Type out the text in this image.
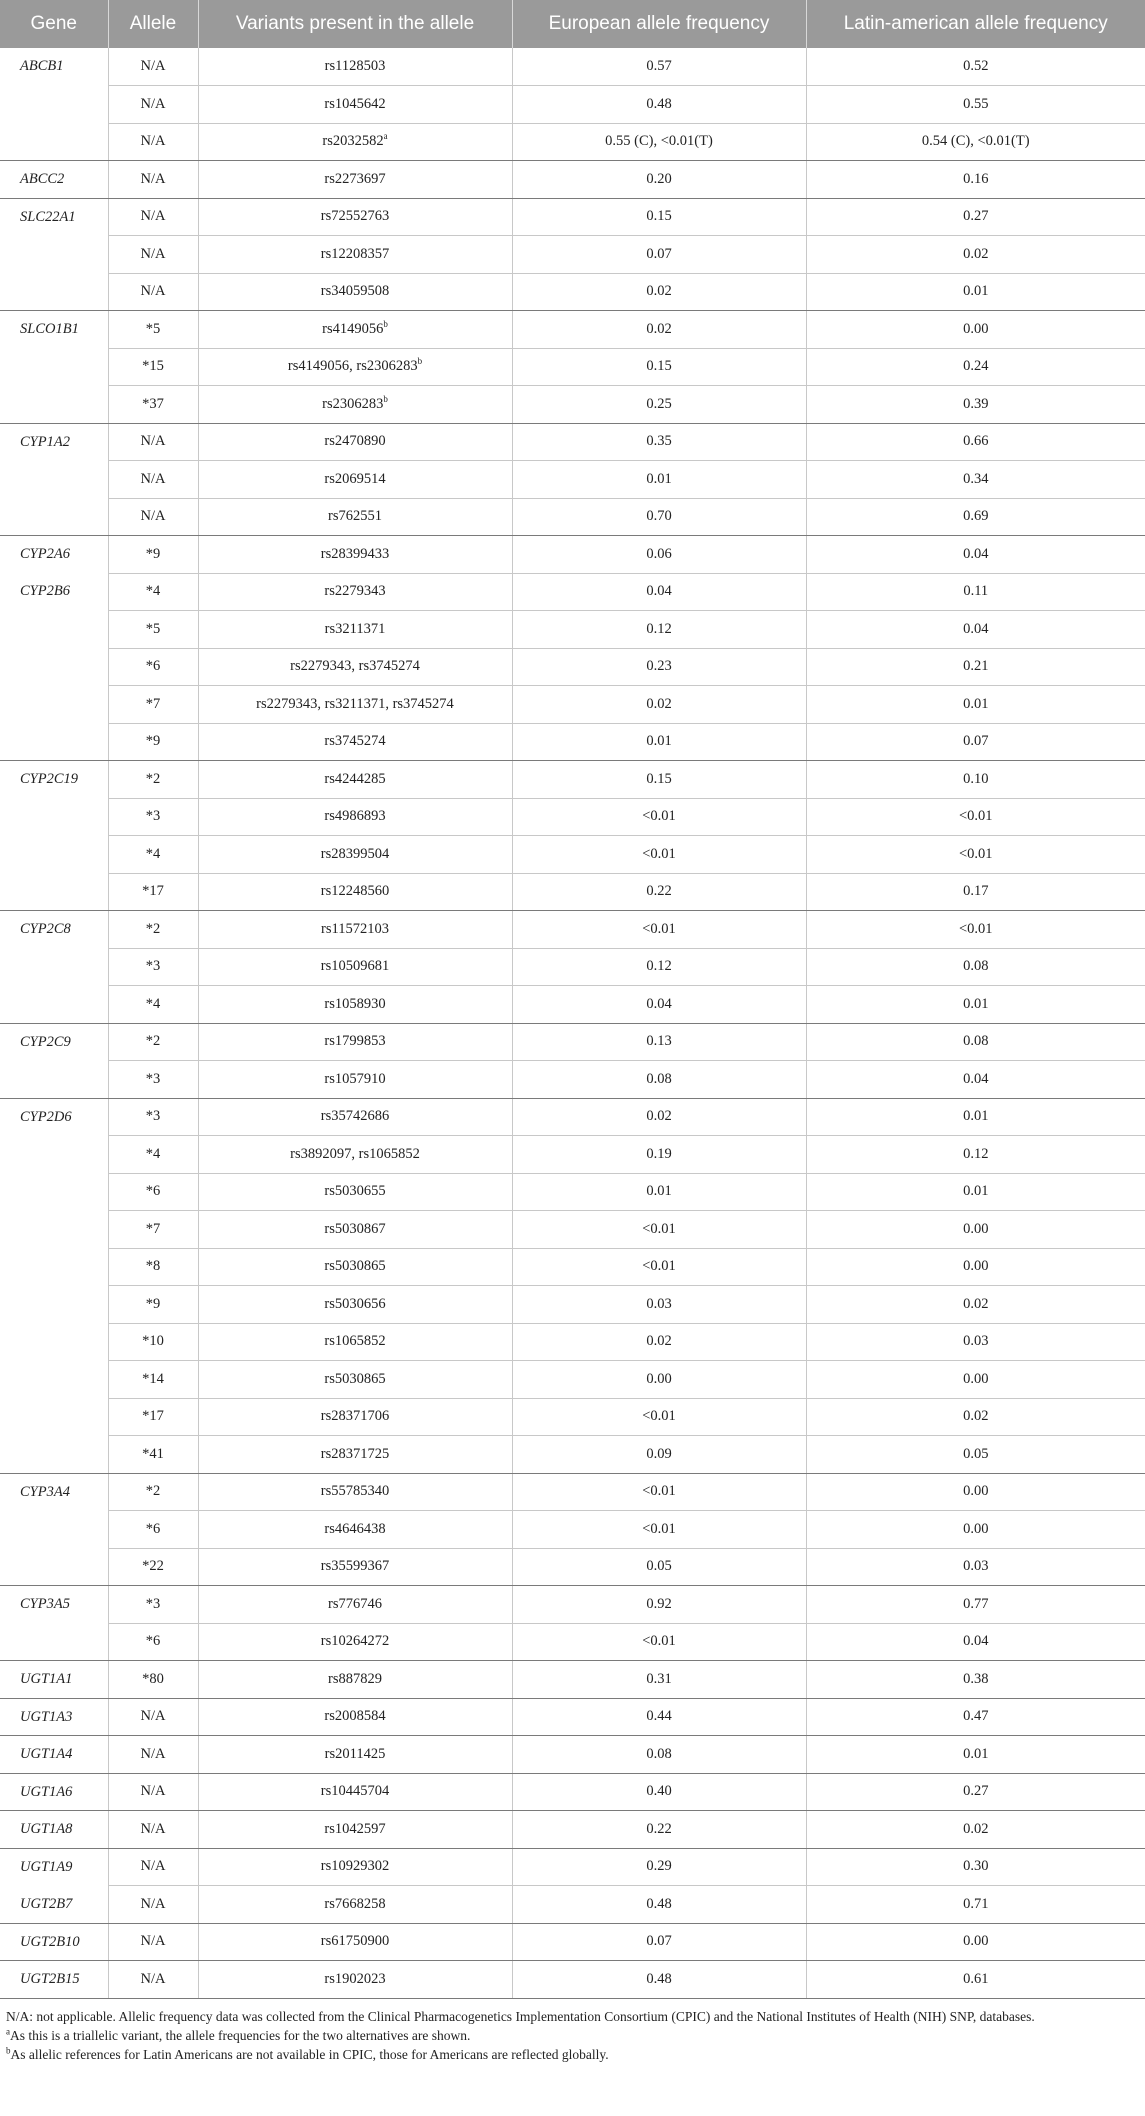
Gene	Allele	Variants present in the allele	European allele frequency	Latin-american allele frequency
ABCB1	N/A	rs1128503	0.57	0.52
	N/A	rs1045642	0.48	0.55
	N/A	rs2032582$^a$	0.55 (C), <0.01(T)	0.54 (C), <0.01(T)
ABCC2	N/A	rs2273697	0.20	0.16
SLC22A1	N/A	rs72552763	0.15	0.27
	N/A	rs12208357	0.07	0.02
	N/A	rs34059508	0.02	0.01
SLCO1B1	*5	rs4149056$^b$	0.02	0.00
	*15	rs4149056, rs2306283$^b$	0.15	0.24
	*37	rs2306283$^b$	0.25	0.39
CYP1A2	N/A	rs2470890	0.35	0.66
	N/A	rs2069514	0.01	0.34
	N/A	rs762551	0.70	0.69
CYP2A6	*9	rs28399433	0.06	0.04
CYP2B6	*4	rs2279343	0.04	0.11
	*5	rs3211371	0.12	0.04
	*6	rs2279343, rs3745274	0.23	0.21
	*7	rs2279343, rs3211371, rs3745274	0.02	0.01
	*9	rs3745274	0.01	0.07
CYP2C19	*2	rs4244285	0.15	0.10
	*3	rs4986893	<0.01	<0.01
	*4	rs28399504	<0.01	<0.01
	*17	rs12248560	0.22	0.17
CYP2C8	*2	rs11572103	<0.01	<0.01
	*3	rs10509681	0.12	0.08
	*4	rs1058930	0.04	0.01
CYP2C9	*2	rs1799853	0.13	0.08
	*3	rs1057910	0.08	0.04
CYP2D6	*3	rs35742686	0.02	0.01
	*4	rs3892097, rs1065852	0.19	0.12
	*6	rs5030655	0.01	0.01
	*7	rs5030867	<0.01	0.00
	*8	rs5030865	<0.01	0.00
	*9	rs5030656	0.03	0.02
	*10	rs1065852	0.02	0.03
	*14	rs5030865	0.00	0.00
	*17	rs28371706	<0.01	0.02
	*41	rs28371725	0.09	0.05
CYP3A4	*2	rs55785340	<0.01	0.00
	*6	rs4646438	<0.01	0.00
	*22	rs35599367	0.05	0.03
CYP3A5	*3	rs776746	0.92	0.77
	*6	rs10264272	<0.01	0.04
UGT1A1	*80	rs887829	0.31	0.38
UGT1A3	N/A	rs2008584	0.44	0.47
UGT1A4	N/A	rs2011425	0.08	0.01
UGT1A6	N/A	rs10445704	0.40	0.27
UGT1A8	N/A	rs1042597	0.22	0.02
UGT1A9	N/A	rs10929302	0.29	0.30
UGT2B7	N/A	rs7668258	0.48	0.71
UGT2B10	N/A	rs61750900	0.07	0.00
UGT2B15	N/A	rs1902023	0.48	0.61
N/A: not applicable. Allelic frequency data was collected from the Clinical Pharmacogenetics Implementation Consortium (CPIC) and the National Institutes of Health (NIH) SNP, databases.
$^a$As this is a triallelic variant, the allele frequencies for the two alternatives are shown.
$^b$As allelic references for Latin Americans are not available in CPIC, those for Americans are reflected globally.
